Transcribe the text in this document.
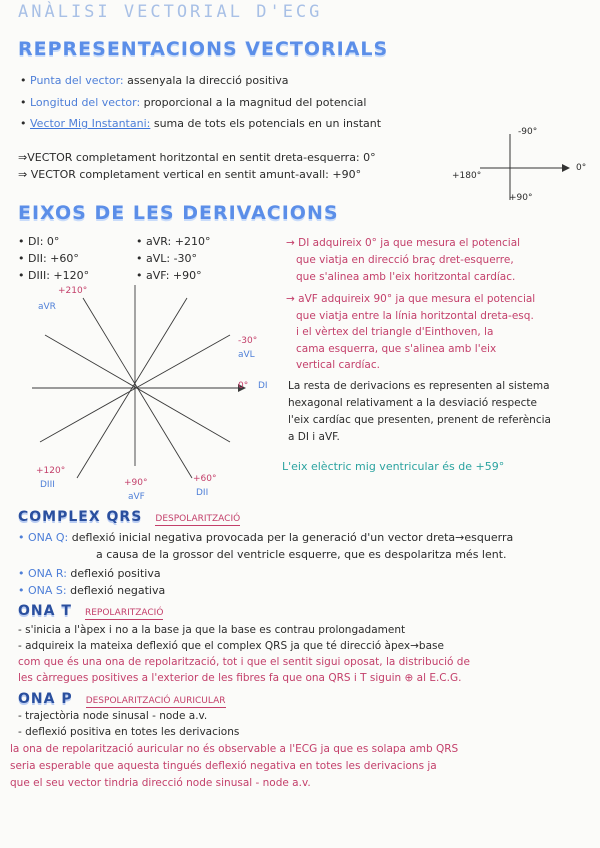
ANÀLISI VECTORIAL D'ECG
REPRESENTACIONS VECTORIALS
• Punta del vector: assenyala la direcció positiva
• Longitud del vector: proporcional a la magnitud del potencial
• Vector Mig Instantani: suma de tots els potencials en un instant
⇒VECTOR completament horitzontal en sentit dreta-esquerra: 0°
⇒ VECTOR completament vertical en sentit amunt-avall: +90°
-90°
0°
+180°
+90°
EIXOS DE LES DERIVACIONS
• DI: 0°
• DII: +60°
• DIII: +120°
• aVR: +210°
• aVL: -30°
• aVF: +90°
+210°
aVR
-30°
aVL
0° DI
+120°
DIII	+90°
aVF
+60°
DII
→ DI adquireix 0° ja que mesura el potencial
que viatja en direcció braç dret-esquerre,
que s'alinea amb l'eix horitzontal cardíac.
→ aVF adquireix 90° ja que mesura el potencial
que viatja entre la línia horitzontal dreta-esq.
i el vèrtex del triangle d'Einthoven, la
cama esquerra, que s'alinea amb l'eix
vertical cardíac.
La resta de derivacions es representen al sistema
hexagonal relativament a la desviació respecte
l'eix cardíac que presenten, prenent de referència
a DI i aVF.
L'eix elèctric mig ventricular és de +59°
COMPLEX QRS DESPOLARITZACIÓ
• ONA Q: deflexió inicial negativa provocada per la generació d'un vector dreta→esquerra
a causa de la grossor del ventricle esquerre, que es despolaritza més lent.
• ONA R: deflexió positiva
• ONA S: deflexió negativa
ONA T REPOLARITZACIÓ
- s'inicia a l'àpex i no a la base ja que la base es contrau prolongadament
- adquireix la mateixa deflexió que el complex QRS ja que té direcció àpex→base
com que és una ona de repolarització, tot i que el sentit sigui oposat, la distribució de
les càrregues positives a l'exterior de les fibres fa que ona QRS i T siguin ⊕ al E.C.G.
ONA P DESPOLARITZACIÓ AURICULAR
- trajectòria node sinusal - node a.v.
- deflexió positiva en totes les derivacions
la ona de repolarització auricular no és observable a l'ECG ja que es solapa amb QRS
seria esperable que aquesta tingués deflexió negativa en totes les derivacions ja
que el seu vector tindria direcció node sinusal - node a.v.
